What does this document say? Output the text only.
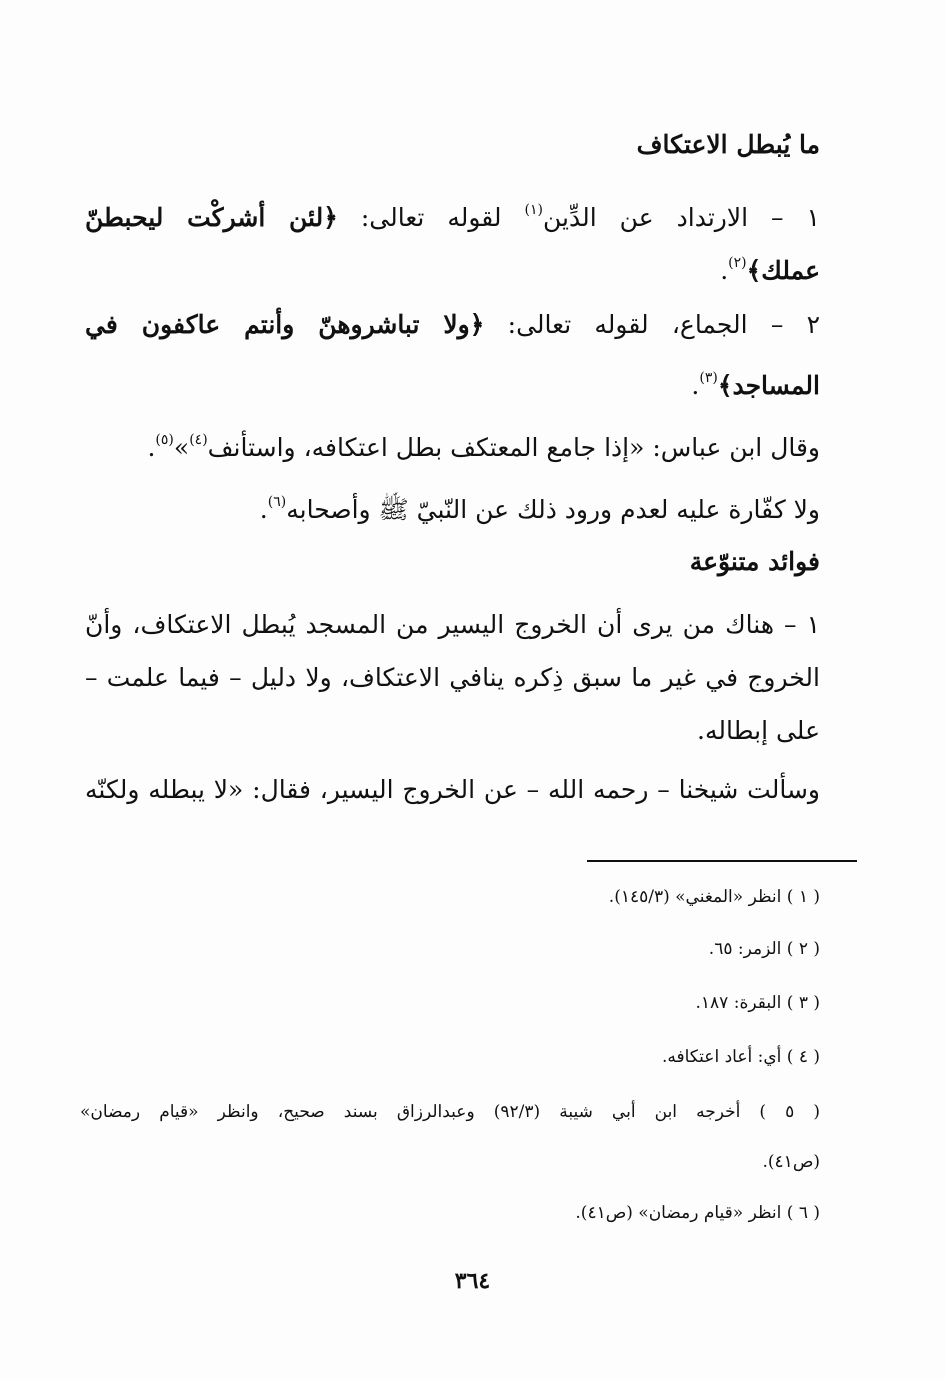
ما يُبطل الاعتكاف
١ – الارتداد عن الدِّين$^{(١)}$ لقوله تعالى: ﴿لئن أشركْت ليحبطنّ
عملك﴾$^{(٢)}$.
٢ – الجماع، لقوله تعالى: ﴿ولا تباشروهنّ وأنتم عاكفون في
المساجد﴾$^{(٣)}$.
وقال ابن عباس: «إذا جامع المعتكف بطل اعتكافه، واستأنف$^{(٤)}$»$^{(٥)}$.
ولا كفّارة عليه لعدم ورود ذلك عن النّبيّ ﷺ وأصحابه$^{(٦)}$.
فوائد متنوّعة
١ – هناك من يرى أن الخروج اليسير من المسجد يُبطل الاعتكاف، وأنّ
الخروج في غير ما سبق ذِكره ينافي الاعتكاف، ولا دليل – فيما علمت –
على إبطاله.
وسألت شيخنا – رحمه الله – عن الخروج اليسير، فقال: «لا يبطله ولكنّه
( ١ ) انظر «المغني» (١٤٥/٣).
( ٢ ) الزمر: ٦٥.
( ٣ ) البقرة: ١٨٧.
( ٤ ) أي: أعاد اعتكافه.
( ٥ ) أخرجه ابن أبي شيبة (٩٢/٣) وعبدالرزاق بسند صحيح، وانظر «قيام رمضان»
(ص٤١).
( ٦ ) انظر «قيام رمضان» (ص٤١).
٣٦٤
